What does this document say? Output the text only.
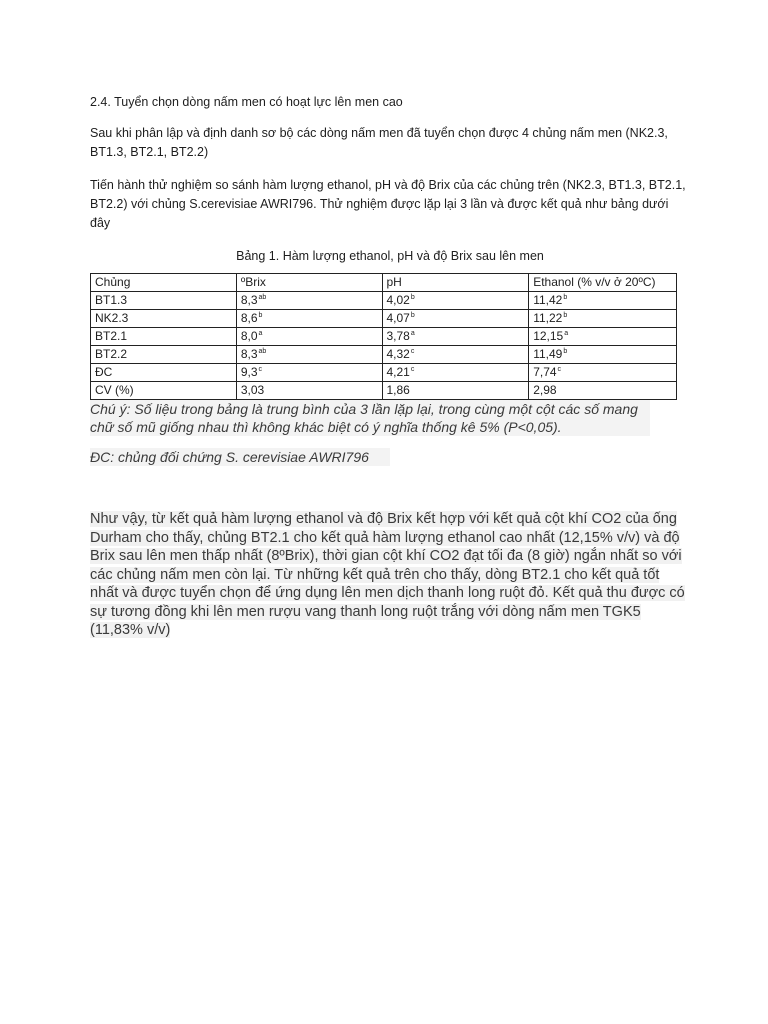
2.4. Tuyển chọn dòng nấm men có hoạt lực lên men cao

Sau khi phân lập và định danh sơ bộ các dòng nấm men đã tuyển chọn được 4 chủng nấm men (NK2.3, BT1.3, BT2.1, BT2.2)

Tiến hành thử nghiệm so sánh hàm lượng ethanol, pH và độ Brix của các chủng trên (NK2.3, BT1.3, BT2.1, BT2.2) với chủng S.cerevisiae AWRI796. Thử nghiệm được lặp lại 3 lần và được kết quả như bảng dưới đây

Bảng 1. Hàm lượng ethanol, pH và độ Brix sau lên men
Chủng	ºBrix	pH	Ethanol (% v/v ở 20ºC)
BT1.3	8,3$^{ab}$	4,02$^b$	11,42$^b$
NK2.3	8,6$^b$	4,07$^b$	11,22$^b$
BT2.1	8,0$^a$	3,78$^a$	12,15$^a$
BT2.2	8,3$^{ab}$	4,32$^c$	11,49$^b$
ĐC	9,3$^c$	4,21$^c$	7,74$^c$
CV (%)	3,03	1,86	2,98

Chú ý: Số liệu trong bảng là trung bình của 3 lần lặp lại, trong cùng một cột các số mang chữ số mũ giống nhau thì không khác biệt có ý nghĩa thống kê 5% (P<0,05).

ĐC: chủng đối chứng S. cerevisiae AWRI796

Như vậy, từ kết quả hàm lượng ethanol và độ Brix kết hợp với kết quả cột khí CO2 của ống Durham cho thấy, chủng BT2.1 cho kết quả hàm lượng ethanol cao nhất (12,15% v/v) và độ Brix sau lên men thấp nhất (8ºBrix), thời gian cột khí CO2 đạt tối đa (8 giờ) ngắn nhất so với các chủng nấm men còn lại. Từ những kết quả trên cho thấy, dòng BT2.1 cho kết quả tốt nhất và được tuyển chọn để ứng dụng lên men dịch thanh long ruột đỏ. Kết quả thu được có sự tương đồng khi lên men rượu vang thanh long ruột trắng với dòng nấm men TGK5 (11,83% v/v)
